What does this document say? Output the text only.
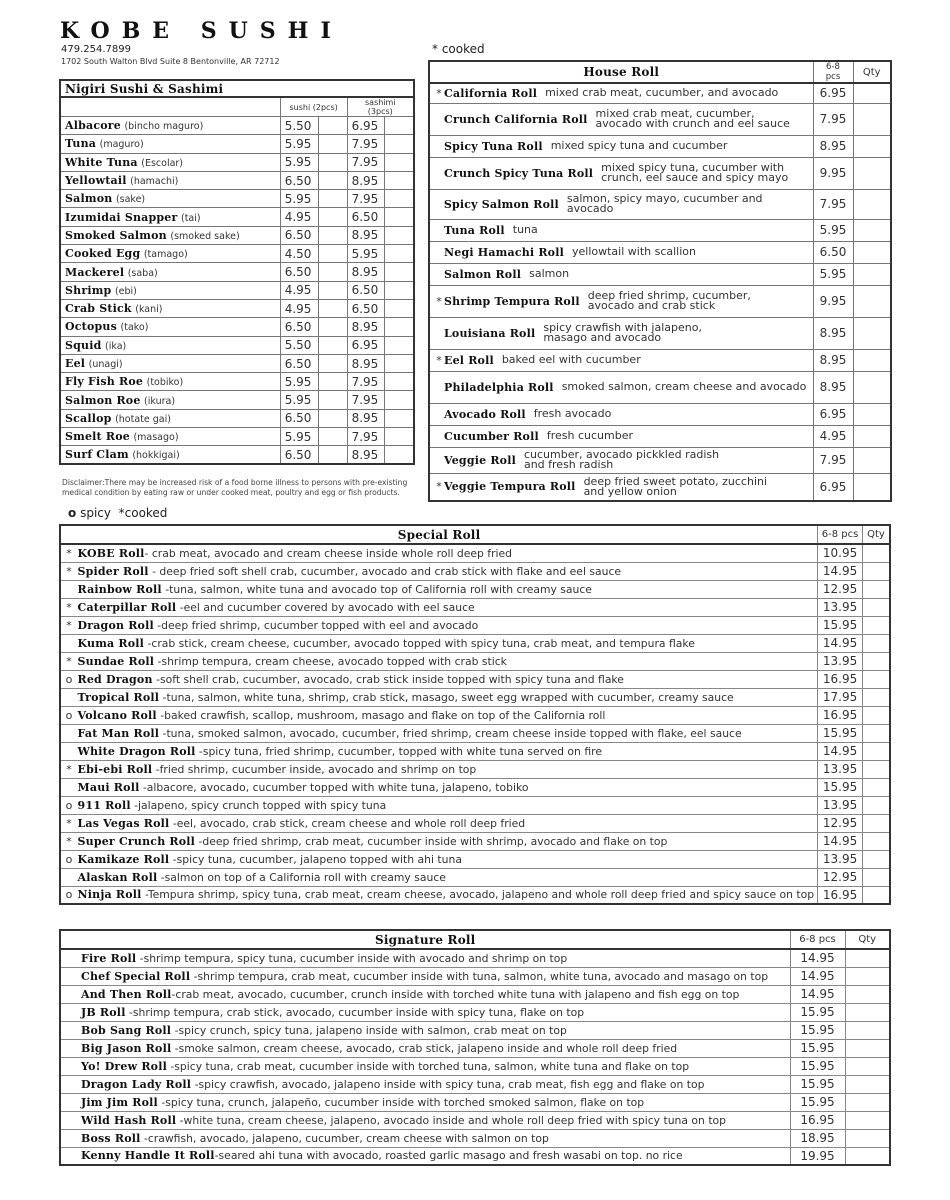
KOBE SUSHI
479.254.7899
1702 South Walton Blvd Suite 8 Bentonville, AR 72712
* cooked
Nigiri Sushi & Sashimi				
	sushi (2pcs)		sashimi (3pcs)	
Albacore (bincho maguro)	5.50		6.95	
Tuna (maguro)	5.95		7.95	
White Tuna (Escolar)	5.95		7.95	
Yellowtail (hamachi)	6.50		8.95	
Salmon (sake)	5.95		7.95	
Izumidai Snapper (tai)	4.95		6.50	
Smoked Salmon (smoked sake)	6.50		8.95	
Cooked Egg (tamago)	4.50		5.95	
Mackerel (saba)	6.50		8.95	
Shrimp (ebi)	4.95		6.50	
Crab Stick (kani)	4.95		6.50	
Octopus (tako)	6.50		8.95	
Squid (ika)	5.50		6.95	
Eel (unagi)	6.50		8.95	
Fly Fish Roe (tobiko)	5.95		7.95	
Salmon Roe (ikura)	5.95		7.95	
Scallop (hotate gai)	6.50		8.95	
Smelt Roe (masago)	5.95		7.95	
Surf Clam (hokkigai)	6.50		8.95	
Disclaimer:There may be increased risk of a food borne illness to persons with pre-existing medical condition by eating raw or under cooked meat, poultry and egg or fish products.
House Roll	6-8 pcs	Qty

* California Roll mixed crab meat, cucumber, and avocado	6.95	

Crunch California Roll mixed crab meat, cucumber, avocado with crunch and eel sauce	7.95	

Spicy Tuna Roll mixed spicy tuna and cucumber	8.95	

Crunch Spicy Tuna Roll mixed spicy tuna, cucumber with crunch, eel sauce and spicy mayo	9.95	

Spicy Salmon Roll salmon, spicy mayo, cucumber and avocado	7.95	

Tuna Roll tuna	5.95	

Negi Hamachi Roll yellowtail with scallion	6.50	

Salmon Roll salmon	5.95	

* Shrimp Tempura Roll deep fried shrimp, cucumber, avocado and crab stick	9.95	

Louisiana Roll spicy crawfish with jalapeno, masago and avocado	8.95	

* Eel Roll baked eel with cucumber	8.95	

Philadelphia Roll smoked salmon, cream cheese and avocado	8.95	

Avocado Roll fresh avocado	6.95	

Cucumber Roll fresh cucumber	4.95	

Veggie Roll cucumber, avocado pickkled radish and fresh radish	7.95	

* Veggie Tempura Roll deep fried sweet potato, zucchini and yellow onion	6.95	
o spicy *cooked
Special Roll	6-8 pcs	Qty
* KOBE Roll- crab meat, avocado and cream cheese inside whole roll deep fried	10.95	
* Spider Roll - deep fried soft shell crab, cucumber, avocado and crab stick with flake and eel sauce	14.95	
Rainbow Roll -tuna, salmon, white tuna and avocado top of California roll with creamy sauce	12.95	
* Caterpillar Roll -eel and cucumber covered by avocado with eel sauce	13.95	
* Dragon Roll -deep fried shrimp, cucumber topped with eel and avocado	15.95	
Kuma Roll -crab stick, cream cheese, cucumber, avocado topped with spicy tuna, crab meat, and tempura flake	14.95	
* Sundae Roll -shrimp tempura, cream cheese, avocado topped with crab stick	13.95	
o Red Dragon -soft shell crab, cucumber, avocado, crab stick inside topped with spicy tuna and flake	16.95	
Tropical Roll -tuna, salmon, white tuna, shrimp, crab stick, masago, sweet egg wrapped with cucumber, creamy sauce	17.95	
o Volcano Roll -baked crawfish, scallop, mushroom, masago and flake on top of the California roll	16.95	
Fat Man Roll -tuna, smoked salmon, avocado, cucumber, fried shrimp, cream cheese inside topped with flake, eel sauce	15.95	
White Dragon Roll -spicy tuna, fried shrimp, cucumber, topped with white tuna served on fire	14.95	
* Ebi-ebi Roll -fried shrimp, cucumber inside, avocado and shrimp on top	13.95	
Maui Roll -albacore, avocado, cucumber topped with white tuna, jalapeno, tobiko	15.95	
o 911 Roll -jalapeno, spicy crunch topped with spicy tuna	13.95	
* Las Vegas Roll -eel, avocado, crab stick, cream cheese and whole roll deep fried	12.95	
* Super Crunch Roll -deep fried shrimp, crab meat, cucumber inside with shrimp, avocado and flake on top	14.95	
o Kamikaze Roll -spicy tuna, cucumber, jalapeno topped with ahi tuna	13.95	
Alaskan Roll -salmon on top of a California roll with creamy sauce	12.95	
o Ninja Roll -Tempura shrimp, spicy tuna, crab meat, cream cheese, avocado, jalapeno and whole roll deep fried and spicy sauce on top	16.95	
Signature Roll	6-8 pcs	Qty
Fire Roll -shrimp tempura, spicy tuna, cucumber inside with avocado and shrimp on top	14.95	
Chef Special Roll -shrimp tempura, crab meat, cucumber inside with tuna, salmon, white tuna, avocado and masago on top	14.95	
And Then Roll-crab meat, avocado, cucumber, crunch inside with torched white tuna with jalapeno and fish egg on top	14.95	
JB Roll -shrimp tempura, crab stick, avocado, cucumber inside with spicy tuna, flake on top	15.95	
Bob Sang Roll -spicy crunch, spicy tuna, jalapeno inside with salmon, crab meat on top	15.95	
Big Jason Roll -smoke salmon, cream cheese, avocado, crab stick, jalapeno inside and whole roll deep fried	15.95	
Yo! Drew Roll -spicy tuna, crab meat, cucumber inside with torched tuna, salmon, white tuna and flake on top	15.95	
Dragon Lady Roll -spicy crawfish, avocado, jalapeno inside with spicy tuna, crab meat, fish egg and flake on top	15.95	
Jim Jim Roll -spicy tuna, crunch, jalapeño, cucumber inside with torched smoked salmon, flake on top	15.95	
Wild Hash Roll -white tuna, cream cheese, jalapeno, avocado inside and whole roll deep fried with spicy tuna on top	16.95	
Boss Roll -crawfish, avocado, jalapeno, cucumber, cream cheese with salmon on top	18.95	
Kenny Handle It Roll-seared ahi tuna with avocado, roasted garlic masago and fresh wasabi on top. no rice	19.95	
